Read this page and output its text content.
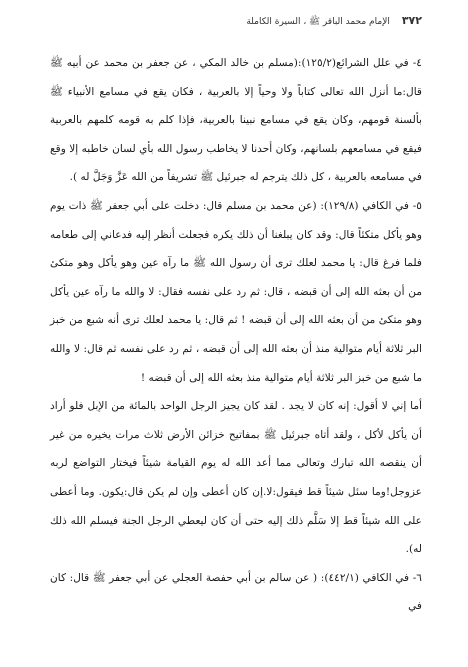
٣٧٢
الإمام محمد الباقر ﷺ ، السيرة الكاملة

٤- في علل الشرائع(١٢٥/٢):(مسلم بن خالد المكي ، عن جعفر بن محمد عن أبيه ﷺ قال:ما أنزل الله تعالى كتاباً ولا وحياً إلا بالعربية ، فكان يقع في مسامع الأنبياء ﷺ بألسنة قومهم، وكان يقع في مسامع نبينا بالعربية، فإذا كلم به قومه كلمهم بالعربية فيقع في مسامعهم بلسانهم، وكان أحدنا لا يخاطب رسول الله بأي لسان خاطبه إلا وقع في مسامعه بالعربية ، كل ذلك يترجم له جبرئيل ﷺ تشريفاً من الله عَزَّ وَجَلَّ له ).

٥- في الكافي (١٢٩/٨): (عن محمد بن مسلم قال: دخلت على أبي جعفر ﷺ ذات يوم وهو يأكل متكئاً قال: وقد كان يبلغنا أن ذلك يكره فجعلت أنظر إليه فدعاني إلى طعامه فلما فرغ قال: يا محمد لعلك ترى أن رسول الله ﷺ ما رآه عين وهو يأكل وهو متكئ من أن بعثه الله إلى أن قبضه ، قال: ثم رد على نفسه فقال: لا والله ما رآه عين يأكل وهو متكئ من أن بعثه الله إلى أن قبضه ! ثم قال: يا محمد لعلك ترى أنه شبع من خبز البر ثلاثة أيام متوالية منذ أن بعثه الله إلى أن قبضه ، ثم رد على نفسه ثم قال: لا والله ما شبع من خبز البر ثلاثة أيام متوالية منذ بعثه الله إلى أن قبضه !

أما إني لا أقول: إنه كان لا يجد . لقد كان يجيز الرجل الواحد بالمائة من الإبل فلو أراد أن يأكل لأكل ، ولقد أتاه جبرئيل ﷺ بمفاتيح خزائن الأرض ثلاث مرات يخيره من غير أن ينقصه الله تبارك وتعالى مما أعد الله له يوم القيامة شيئاً فيختار التواضع لربه عزوجل!وما سئل شيئاً قط فيقول:لا.إن كان أعطى وإن لم يكن قال:يكون. وما أعطى على الله شيئاً قط إلا سَلَّم ذلك إليه حتى أن كان ليعطي الرجل الجنة فيسلم الله ذلك له).

٦- في الكافي (٤٤٢/١): ( عن سالم بن أبي حفصة العجلي عن أبي جعفر ﷺ قال: كان في
